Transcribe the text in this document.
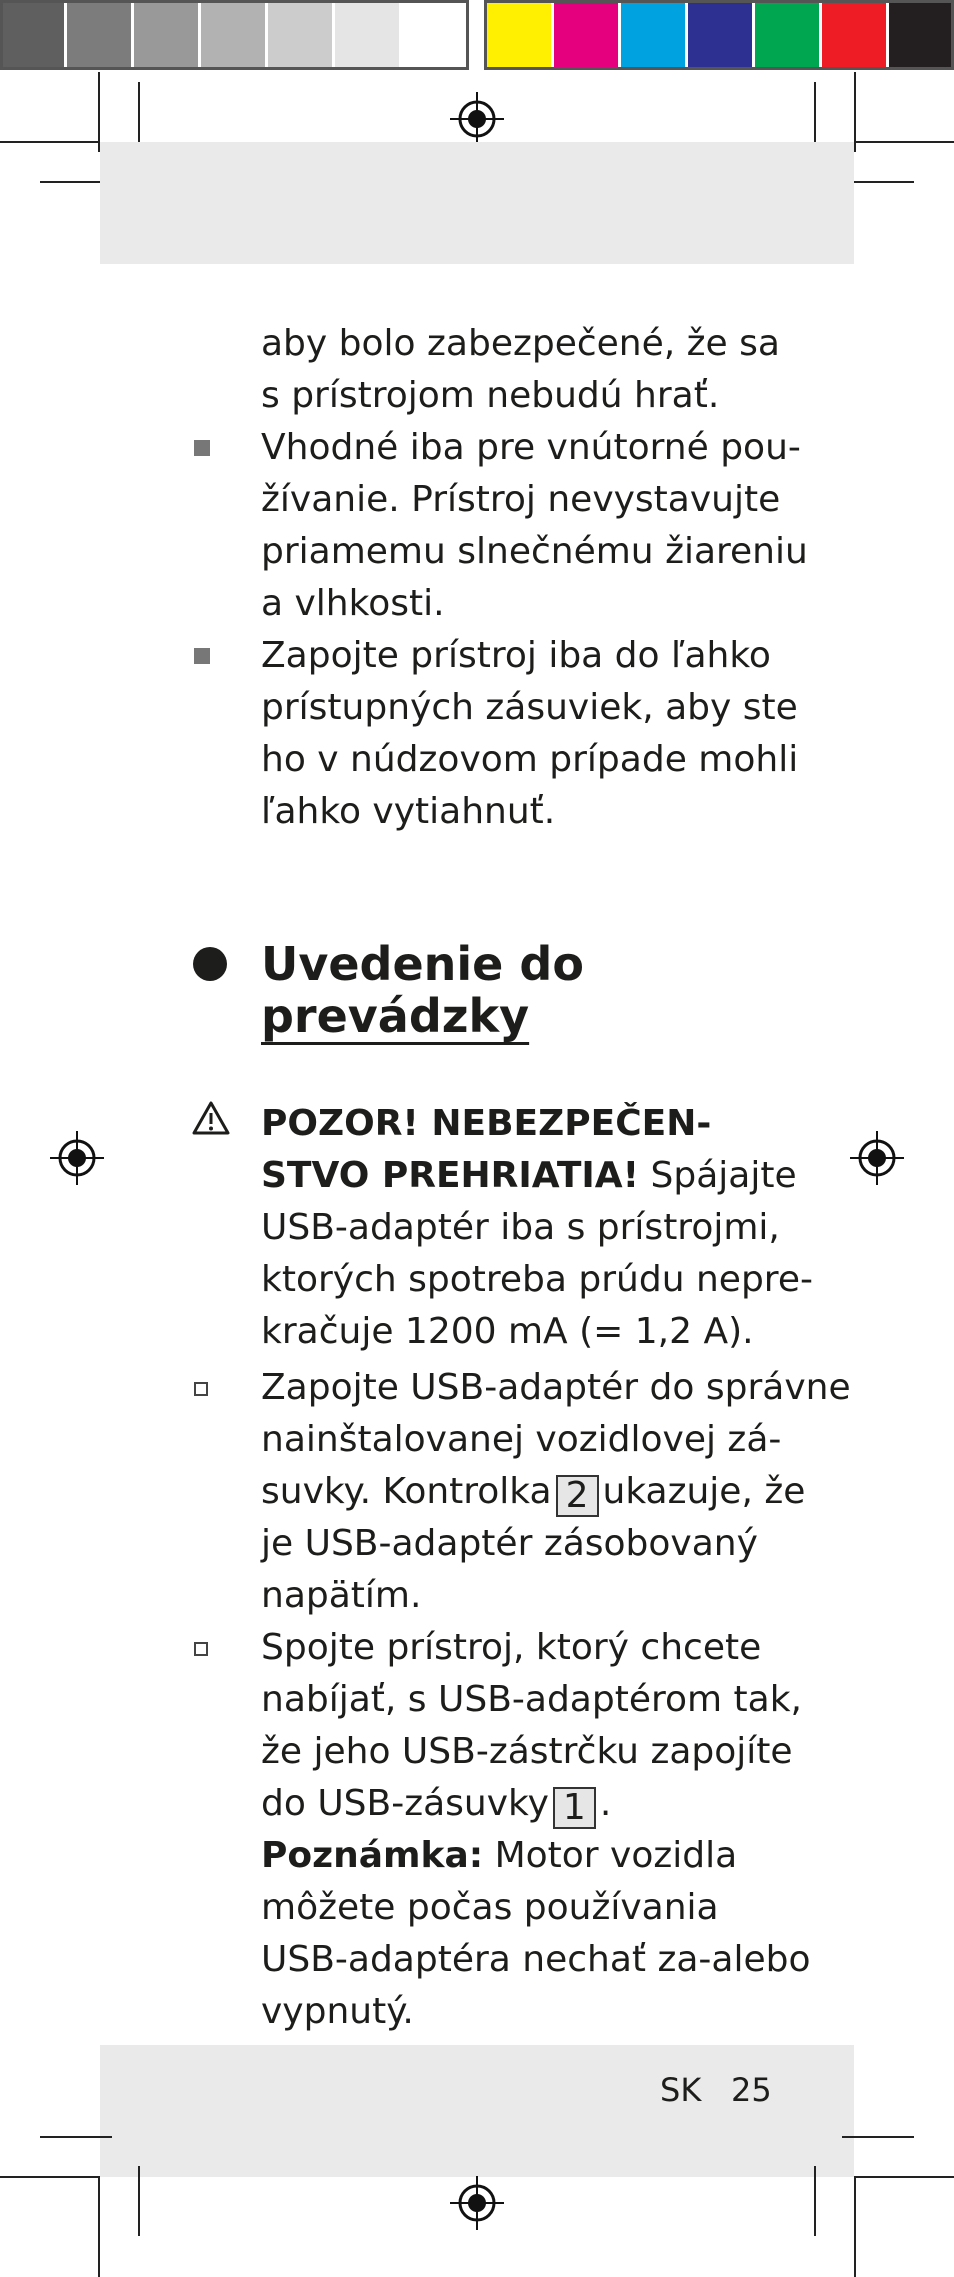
aby bolo zabezpečené, že sa
s prístrojom nebudú hrať.
Vhodné iba pre vnútorné pou-
žívanie. Prístroj nevystavujte
priamemu slnečnému žiareniu
a vlhkosti.
Zapojte prístroj iba do ľahko
prístupných zásuviek, aby ste
ho v núdzovom prípade mohli
ľahko vytiahnuť.
Uvedenie do
prevádzky
POZOR! NEBEZPEČEN-
STVO PREHRIATIA! Spájajte
USB-adaptér iba s prístrojmi,
ktorých spotreba prúdu nepre-
kračuje 1200 mA (= 1,2 A).
Zapojte USB-adaptér do správne
nainštalovanej vozidlovej zá-
suvky. Kontrolka 2 ukazuje, že
je USB-adaptér zásobovaný
napätím.
Spojte prístroj, ktorý chcete
nabíjať, s USB-adaptérom tak,
že jeho USB-zástrčku zapojíte
do USB-zásuvky 1 .
Poznámka: Motor vozidla
môžete počas používania
USB-adaptéra nechať za-alebo
vypnutý.
SK 25
